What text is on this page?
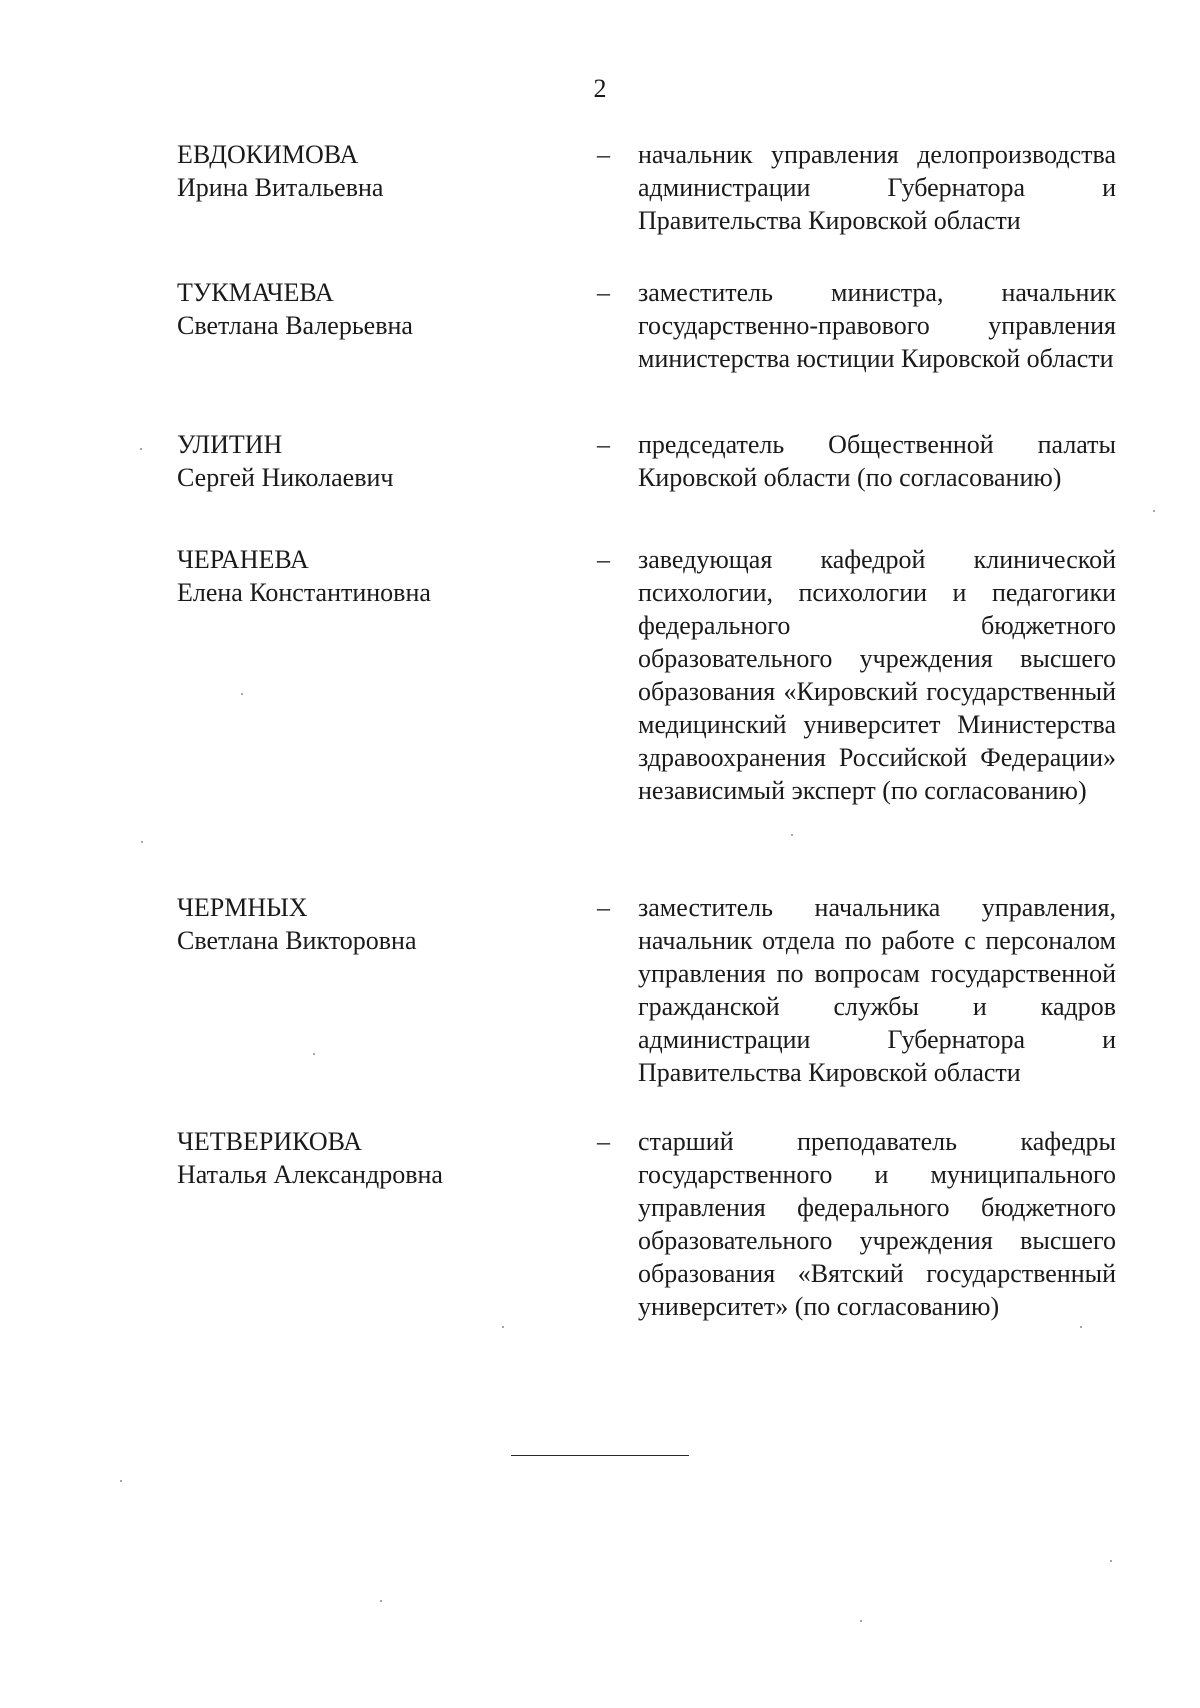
2
ЕВДОКИМОВА
Ирина Витальевна
– начальник управления делопроизводства администрации Губернатора и Правительства Кировской области

ТУКМАЧЕВА
Светлана Валерьевна
– заместитель министра, начальник государственно-правового управления министерства юстиции Кировской области

УЛИТИН
Сергей Николаевич
– председатель Общественной палаты Кировской области (по согласованию)

ЧЕРАНЕВА
Елена Константиновна
– заведующая кафедрой клинической психологии, психологии и педагогики федерального бюджетного образовательного учреждения высшего образования «Кировский государственный медицинский университет Министерства здравоохранения Российской Федерации» независимый эксперт (по согласованию)

ЧЕРМНЫХ
Светлана Викторовна
– заместитель начальника управления, начальник отдела по работе с персоналом управления по вопросам государственной гражданской службы и кадров администрации Губернатора и Правительства Кировской области

ЧЕТВЕРИКОВА
Наталья Александровна
– старший преподаватель кафедры государственного и муниципального управления федерального бюджетного образовательного учреждения высшего образования «Вятский государственный университет» (по согласованию)
